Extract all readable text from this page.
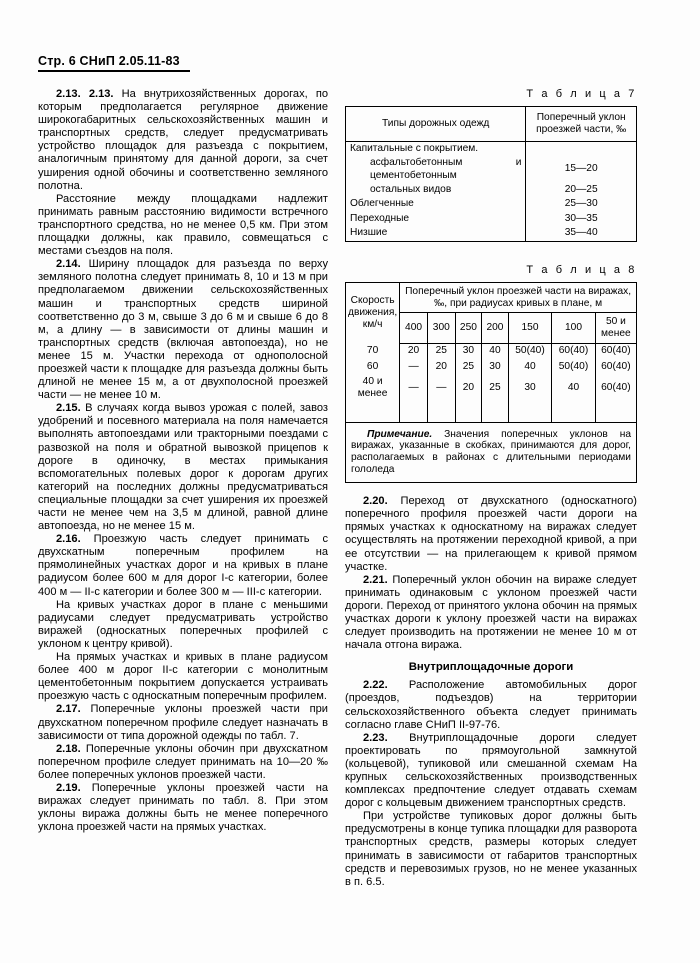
Стр. 6 СНиП 2.05.11-83

2.13. 2.13. На внутрихозяйственных дорогах, по которым предполагается регулярное движение широкогабаритных сельскохозяйственных машин и транспортных средств, следует предусматривать устройство площадок для разъезда с покрытием, аналогичным принятому для данной дороги, за счет уширения одной обочины и соответственно земляного полотна.

Расстояние между площадками надлежит принимать равным расстоянию видимости встречного транспортного средства, но не менее 0,5 км. При этом площадки должны, как правило, совмещаться с местами съездов на поля.

2.14. Ширину площадок для разъезда по верху земляного полотна следует принимать 8, 10 и 13 м при предполагаемом движении сельскохозяйственных машин и транспортных средств шириной соответственно до 3 м, свыше 3 до 6 м и свыше 6 до 8 м, а длину — в зависимости от длины машин и транспортных средств (включая автопоезда), но не менее 15 м. Участки перехода от однополосной проезжей части к площадке для разъезда должны быть длиной не менее 15 м, а от двухполосной проезжей части — не менее 10 м.

2.15. В случаях когда вывоз урожая с полей, завоз удобрений и посевного материала на поля намечается выполнять автопоездами или тракторными поездами с развозкой на поля и обратной вывозкой прицепов к дороге в одиночку, в местах примыкания вспомогательных полевых дорог к дорогам других категорий на последних должны предусматриваться специальные площадки за счет уширения их проезжей части не менее чем на 3,5 м длиной, равной длине автопоезда, но не менее 15 м.

2.16. Проезжую часть следует принимать с двухскатным поперечным профилем на прямолинейных участках дорог и на кривых в плане радиусом более 600 м для дорог I-с категории, более 400 м — II-с категории и более 300 м — III-с категории.

На кривых участках дорог в плане с меньшими радиусами следует предусматривать устройство виражей (односкатных поперечных профилей с уклоном к центру кривой).

На прямых участках и кривых в плане радиусом более 400 м дорог II-с категории с монолитным цементобетонным покрытием допускается устраивать проезжую часть с односкатным поперечным профилем.

2.17. Поперечные уклоны проезжей части при двухскатном поперечном профиле следует назначать в зависимости от типа дорожной одежды по табл. 7.

2.18. Поперечные уклоны обочин при двухскатном поперечном профиле следует принимать на 10—20 ‰ более поперечных уклонов проезжей части.

2.19. Поперечные уклоны проезжей части на виражах следует принимать по табл. 8. При этом уклоны виража должны быть не менее поперечного уклона проезжей части на прямых участках.

Т а б л и ц а 7
Типы дорожных одежд	Поперечный уклон проезжей части, ‰

Капитальные с покрытием.	

асфальтобетонным и цементобетонным	15—20

остальных видов	20—25
Облегченные	25—30
Переходные	30—35
Низшие	35—40
Т а б л и ц а 8
Скорость движения, км/ч	Поперечный уклон проезжей части на виражах, ‰, при радиусах кривых в плане, м						
	400	300	250	200	150	100	50 и менее
70	20	25	30	40	50(40)	60(40)	60(40)
60	—	20	25	30	40	50(40)	60(40)
40 и менее	—	—	20	25	30	40	60(40)

Примечание. Значения поперечных уклонов на виражах, указанные в скобках, принимаются для дорог, располагаемых в районах с длительными периодами гололеда

2.20. Переход от двухскатного (односкатного) поперечного профиля проезжей части дороги на прямых участках к односкатному на виражах следует осуществлять на протяжении переходной кривой, а при ее отсутствии — на прилегающем к кривой прямом участке.

2.21. Поперечный уклон обочин на вираже следует принимать одинаковым с уклоном проезжей части дороги. Переход от принятого уклона обочин на прямых участках дороги к уклону проезжей части на виражах следует производить на протяжении не менее 10 м от начала отгона виража.

Внутриплощадочные дороги

2.22. Расположение автомобильных дорог (проездов, подъездов) на территории сельскохозяйственного объекта следует принимать согласно главе СНиП II-97-76.

2.23. Внутриплощадочные дороги следует проектировать по прямоугольной замкнутой (кольцевой), тупиковой или смешанной схемам На крупных сельскохозяйственных производственных комплексах предпочтение следует отдавать схемам дорог с кольцевым движением транспортных средств.

При устройстве тупиковых дорог должны быть предусмотрены в конце тупика площадки для разворота транспортных средств, размеры которых следует принимать в зависимости от габаритов транспортных средств и перевозимых грузов, но не менее указанных в п. 6.5.
